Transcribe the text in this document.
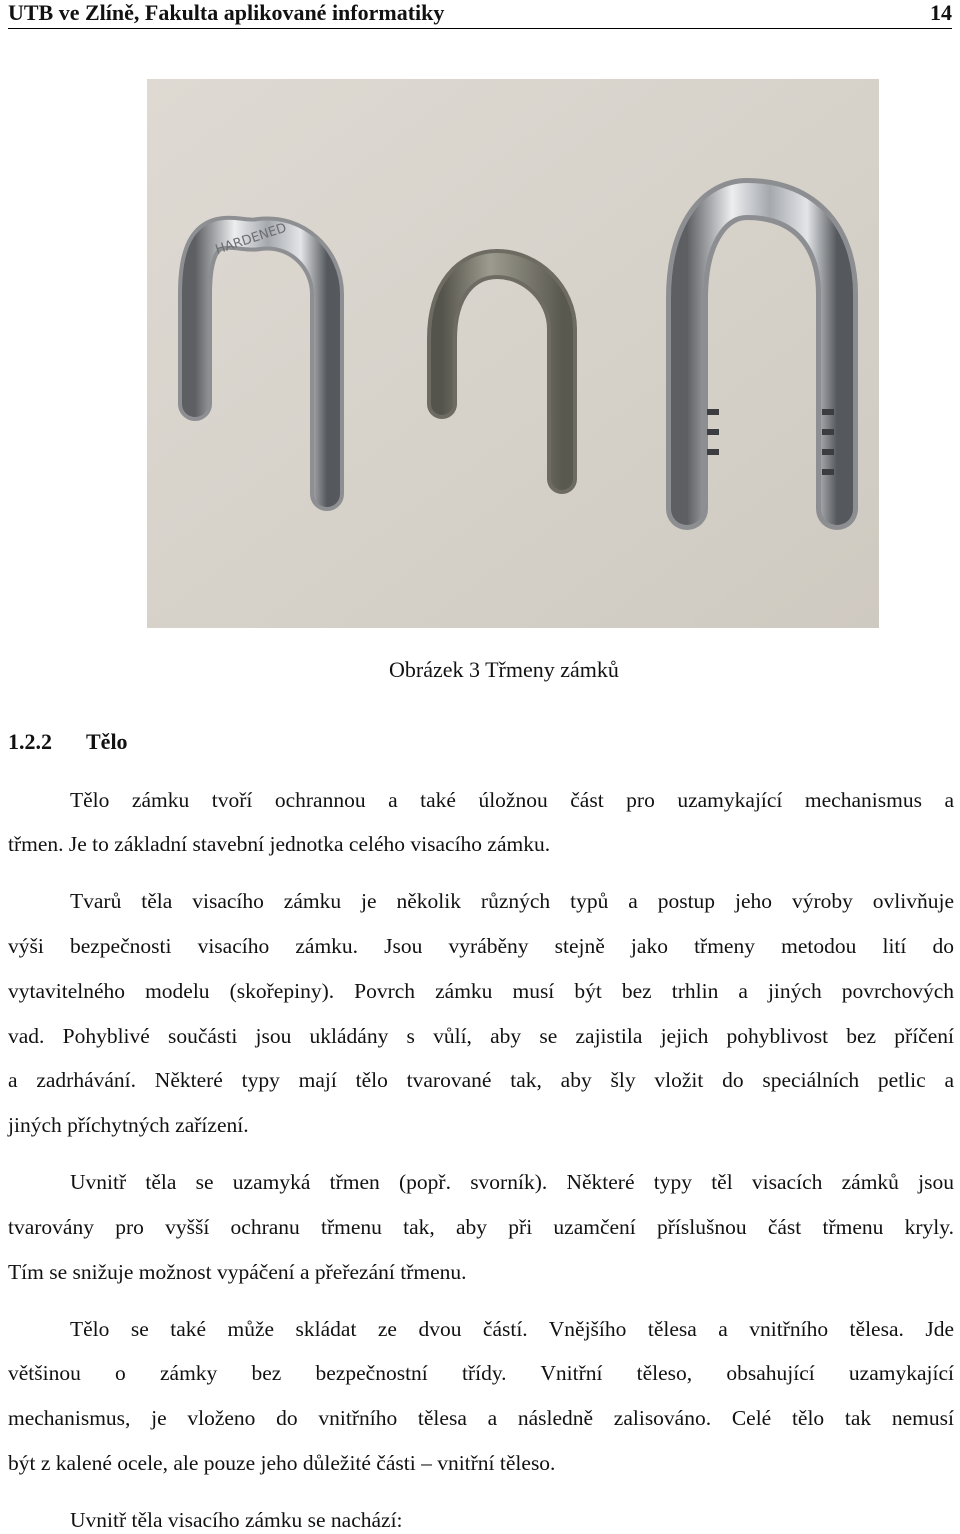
UTB ve Zlíně, Fakulta aplikované informatiky	14
HARDENED
Obrázek 3 Třmeny zámků
1.2.2 Tělo
Tělo zámku tvoří ochrannou a také úložnou část pro uzamykající mechanismus a
třmen. Je to základní stavební jednotka celého visacího zámku.
Tvarů těla visacího zámku je několik různých typů a postup jeho výroby ovlivňuje
výši bezpečnosti visacího zámku. Jsou vyráběny stejně jako třmeny metodou lití do
vytavitelného modelu (skořepiny). Povrch zámku musí být bez trhlin a jiných povrchových
vad. Pohyblivé součásti jsou ukládány s vůlí, aby se zajistila jejich pohyblivost bez příčení
a zadrhávání. Některé typy mají tělo tvarované tak, aby šly vložit do speciálních petlic a
jiných příchytných zařízení.
Uvnitř těla se uzamyká třmen (popř. svorník). Některé typy těl visacích zámků jsou
tvarovány pro vyšší ochranu třmenu tak, aby při uzamčení příslušnou část třmenu kryly.
Tím se snižuje možnost vypáčení a přeřezání třmenu.
Tělo se také může skládat ze dvou částí. Vnějšího tělesa a vnitřního tělesa. Jde
většinou o zámky bez bezpečnostní třídy. Vnitřní těleso, obsahující uzamykající
mechanismus, je vloženo do vnitřního tělesa a následně zalisováno. Celé tělo tak nemusí
být z kalené ocele, ale pouze jeho důležité části – vnitřní těleso.
Uvnitř těla visacího zámku se nachází:
